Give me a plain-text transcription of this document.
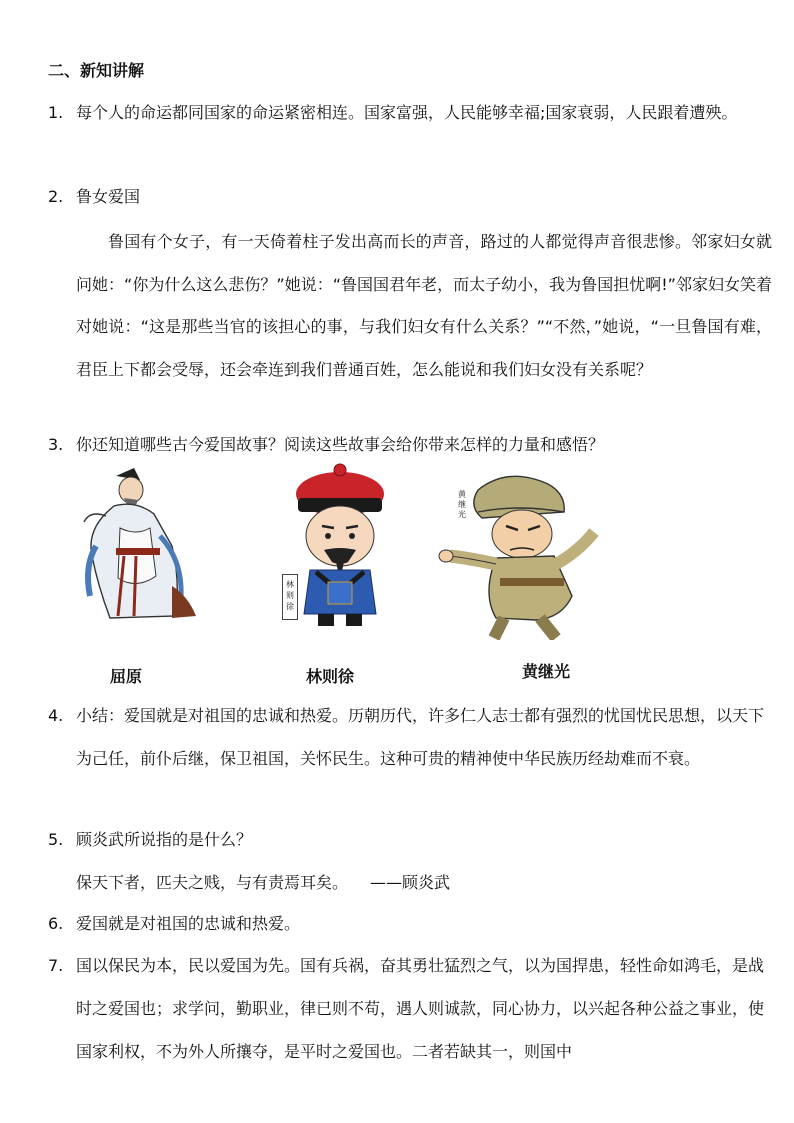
二、新知讲解
1. 每个人的命运都同国家的命运紧密相连。国家富强，人民能够幸福;国家衰弱，人民跟着遭殃。
2. 鲁女爱国
鲁国有个女子，有一天倚着柱子发出高而长的声音，路过的人都觉得声音很悲惨。邻家妇女就问她：“你为什么这么悲伤？”她说：“鲁国国君年老，而太子幼小，我为鲁国担忧啊!”邻家妇女笑着对她说：“这是那些当官的该担心的事，与我们妇女有什么关系？”“不然，”她说，“一旦鲁国有难，君臣上下都会受辱，还会牵连到我们普通百姓，怎么能说和我们妇女没有关系呢？
3. 你还知道哪些古今爱国故事？阅读这些故事会给你带来怎样的力量和感悟？
林则徐
黄继光
屈原	林则徐	黄继光
4. 小结：爱国就是对祖国的忠诚和热爱。历朝历代，许多仁人志士都有强烈的忧国忧民思想，以天下为己任，前仆后继，保卫祖国，关怀民生。这种可贵的精神使中华民族历经劫难而不衰。
5. 顾炎武所说指的是什么？
保天下者，匹夫之贱，与有责焉耳矣。 ——顾炎武
6. 爱国就是对祖国的忠诚和热爱。
7. 国以保民为本，民以爱国为先。国有兵祸，奋其勇壮猛烈之气，以为国捍患，轻性命如鸿毛，是战时之爱国也；求学问，勤职业，律已则不苟，遇人则诚款，同心协力，以兴起各种公益之事业，使国家利权，不为外人所攘夺，是平时之爱国也。二者若缺其一，则国中
